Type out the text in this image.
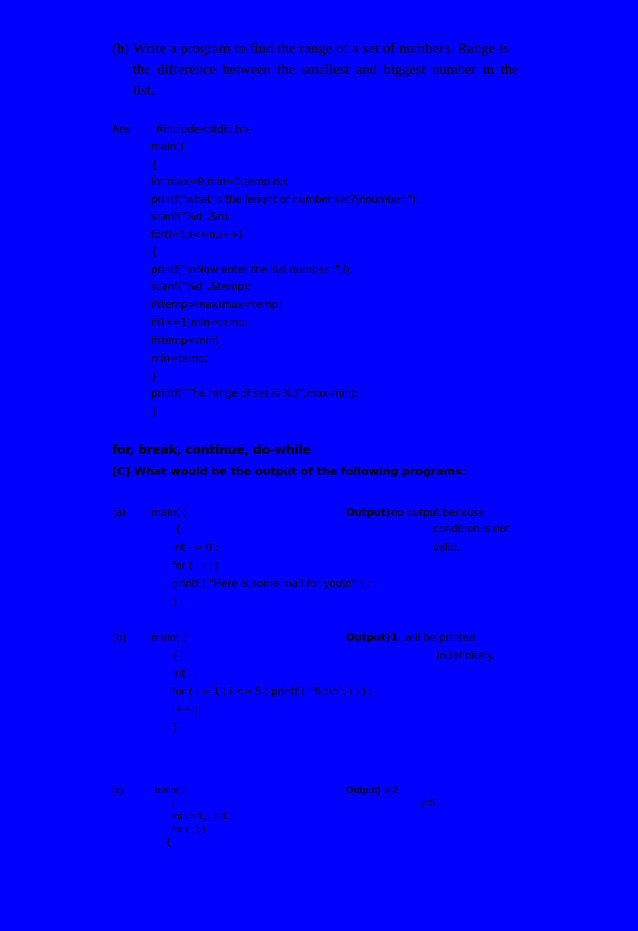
(h) Write a program to find the range of a set of numbers. Range is
the difference between the smallest and biggest number in the
list.
Ans #include<stdio.h>
main()
{
int max=0,min=0,temp,n,i;
printf("what is the lenght of number set?\nnumber:");
scanf("%d",&n);
for(i=1;i<=n;i++)
{
printf("\nNow enter the %d number :",i);
scanf("%d",&temp);
if(temp>max)max=temp;
if(i==1)min=temp;
if(temp<min)
min=temp;
}
printf("The range of set is %d",max-min);
}
for, break, continue, do-while
[C] What would be the output of the following programs:
(a) main( )
{
int i = 0 ;
for ( ; i ; )
printf ( "Here is some mail for you\n" ) ;
}
Output) no output because
condition is not
valid.
(b) main( )
{
int i ;
for ( i = 1 ; i <= 5 ; printf ( "%d\n", i ) ) ;
i++ ;
}
Output) 1 will be printed
indefinitely.
(c)	main( )
{
int i = 1, j = 1 ;
for ( ; ; )
{
Output) i=2
j=5
